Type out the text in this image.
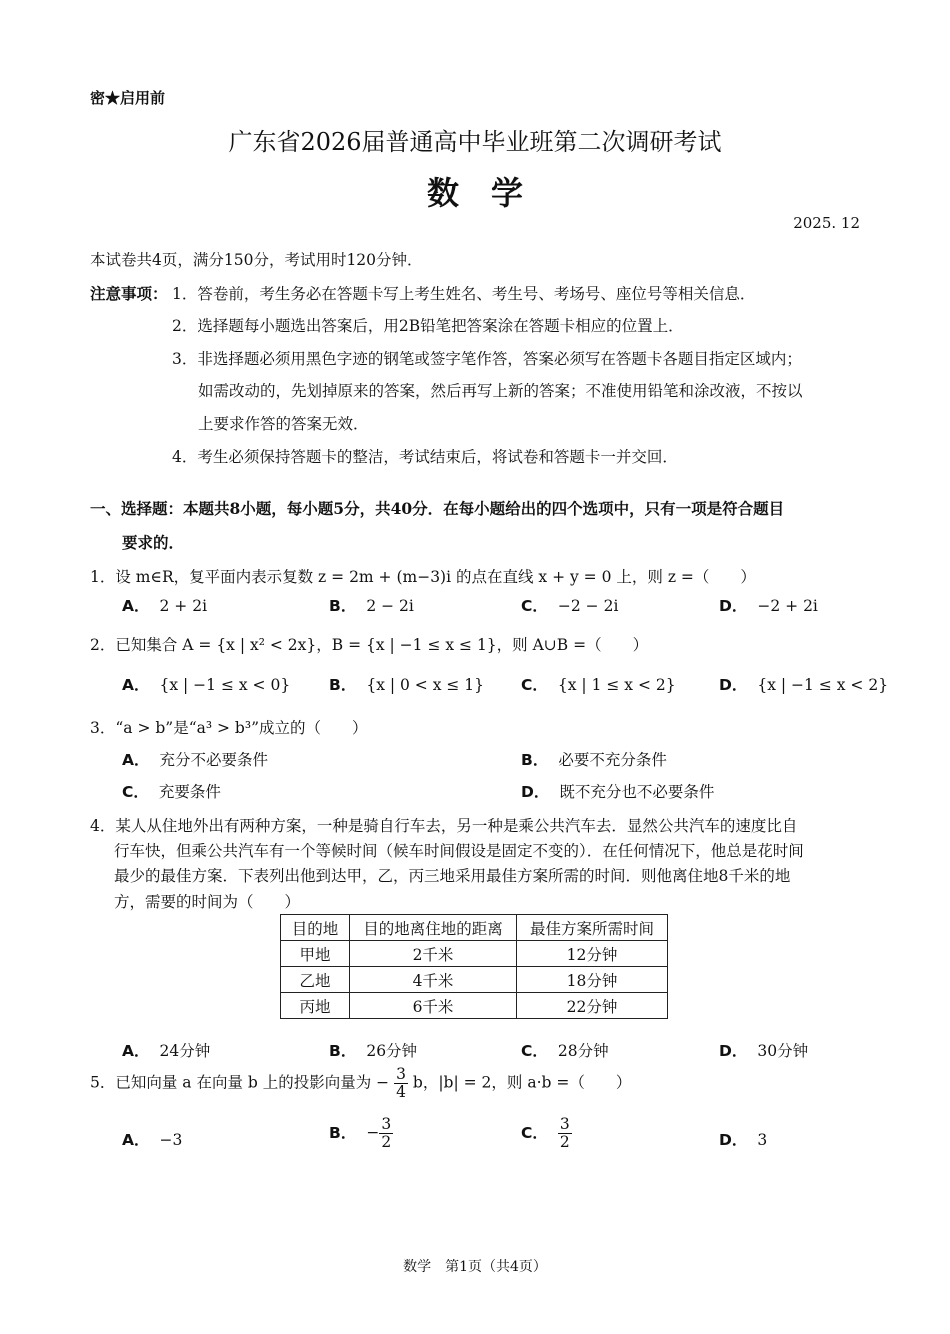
密★启用前
广东省2026届普通高中毕业班第二次调研考试
数学
2025. 12
本试卷共4页，满分150分，考试用时120分钟．
注意事项： 1．答卷前，考生务必在答题卡写上考生姓名、考生号、考场号、座位号等相关信息．
2．选择题每小题选出答案后，用2B铅笔把答案涂在答题卡相应的位置上．
3．非选择题必须用黑色字迹的钢笔或签字笔作答，答案必须写在答题卡各题目指定区域内；
如需改动的，先划掉原来的答案，然后再写上新的答案；不准使用铅笔和涂改液，不按以
上要求作答的答案无效．
4．考生必须保持答题卡的整洁，考试结束后，将试卷和答题卡一并交回．
一、选择题：本题共8小题，每小题5分，共40分．在每小题给出的四个选项中，只有一项是符合题目
要求的．
1．设 m∈R，复平面内表示复数 z = 2m + (m−3)i 的点在直线 x + y = 0 上，则 z =（　　）
A． 2 + 2i	B． 2 − 2i	C． −2 − 2i	D． −2 + 2i
2．已知集合 A = {x | x² < 2x}，B = {x | −1 ≤ x ≤ 1}，则 A∪B =（　　）
A． {x | −1 ≤ x < 0}	B． {x | 0 < x ≤ 1} C． {x | 1 ≤ x < 2}	D． {x | −1 ≤ x < 2}
3．“a > b”是“a³ > b³”成立的（　　）
A． 充分不必要条件	B． 必要不充分条件
C． 充要条件	D． 既不充分也不必要条件
4．某人从住地外出有两种方案，一种是骑自行车去，另一种是乘公共汽车去．显然公共汽车的速度比自
行车快，但乘公共汽车有一个等候时间（候车时间假设是固定不变的）．在任何情况下，他总是花时间
最少的最佳方案．下表列出他到达甲，乙，丙三地采用最佳方案所需的时间．则他离住地8千米的地
方，需要的时间为（　　）
目的地	目的地离住地的距离	最佳方案所需时间
甲地	2千米	12分钟
乙地	4千米	18分钟
丙地	6千米	22分钟
A． 24分钟	B． 26分钟	C． 28分钟	D． 30分钟
5．已知向量 a 在向量 b 上的投影向量为 − $\frac{3}{4}$ b，|b| = 2，则 a·b =（　　）
A． −3	B． − $\frac{3}{2}$	C． $\frac{3}{2}$	D． 3
数学　第1页（共4页）
